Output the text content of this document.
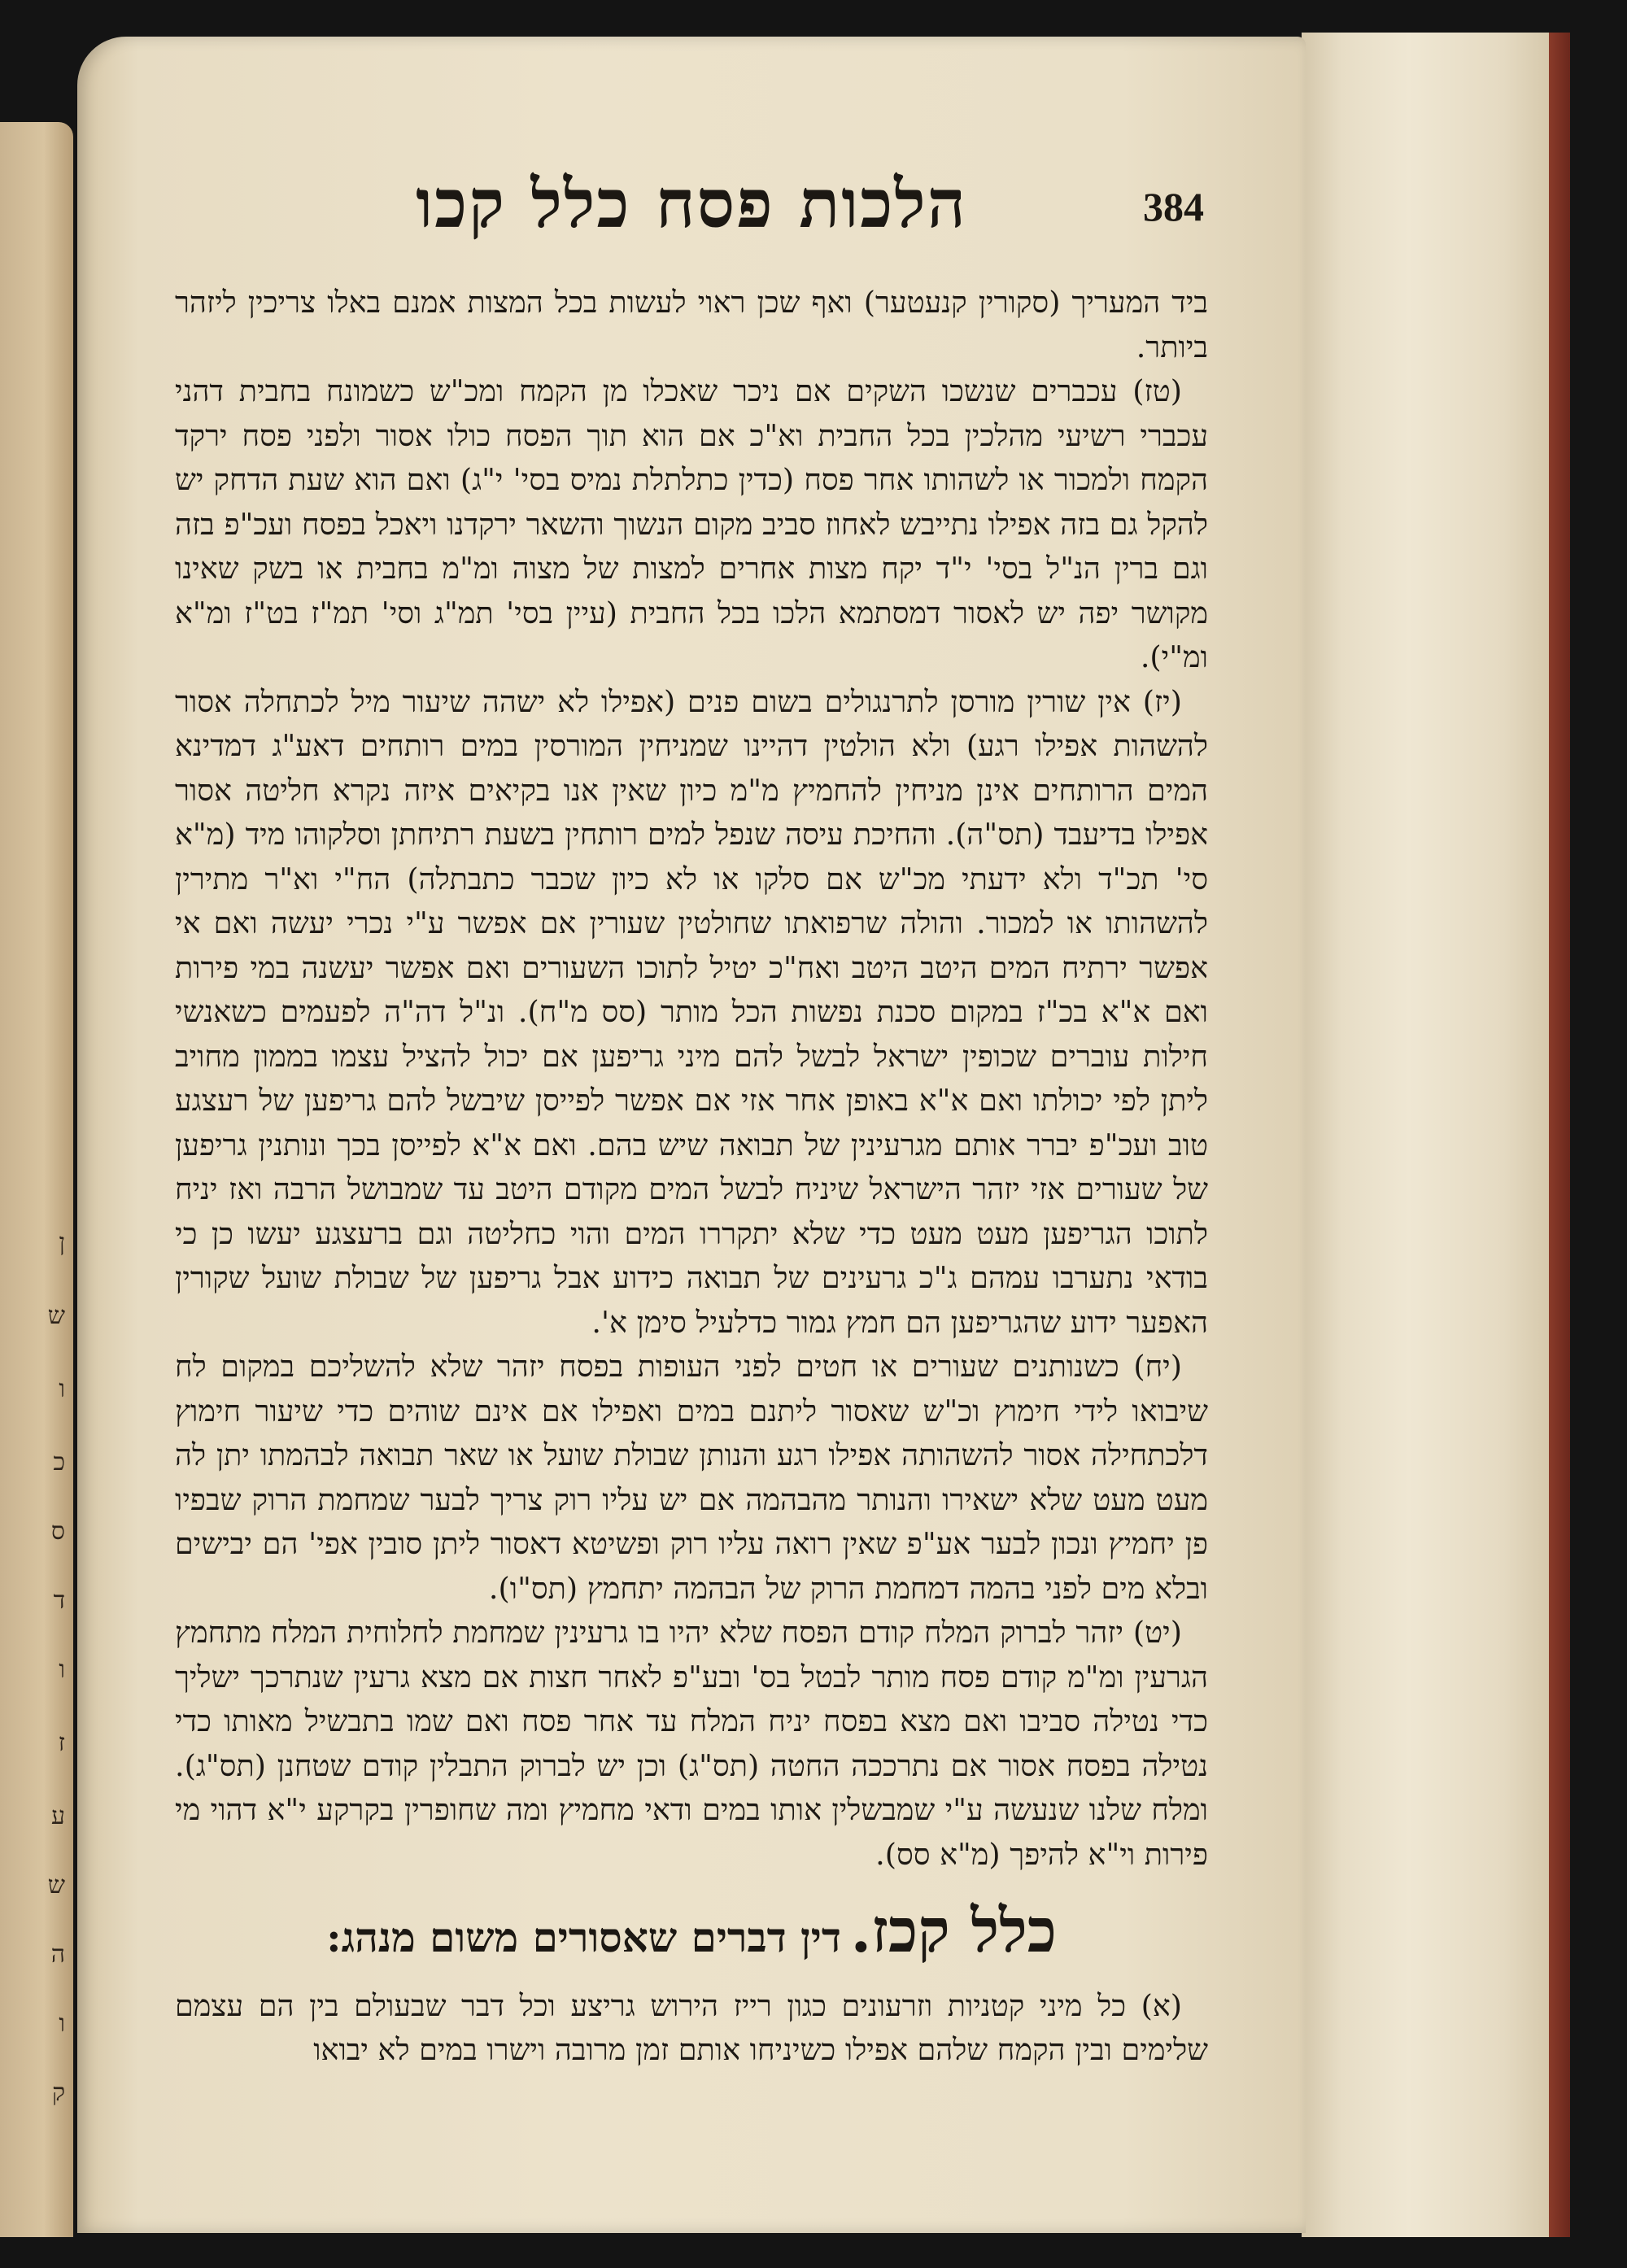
ן
ש
ו
כ
ס
ד
ו
ז
ע
ש
ה
ו
ק
384
הלכות פסח כלל קכו

ביד המעריך (סקורין קנעטער) ואף שכן ראוי לעשות בכל המצות אמנם באלו צריכין ליזהר ביותר.

(טז) עכברים שנשכו השקים אם ניכר שאכלו מן הקמח ומכ"ש כשמונח בחבית דהני עכברי רשיעי מהלכין בכל החבית וא"כ אם הוא תוך הפסח כולו אסור ולפני פסח ירקד הקמח ולמכור או לשהותו אחר פסח (כדין כתלתלת נמיס בסי' י"ג) ואם הוא שעת הדחק יש להקל גם בזה אפילו נתייבש לאחוז סביב מקום הנשוך והשאר ירקדנו ויאכל בפסח ועכ"פ בזה וגם ברין הנ"ל בסי' י"ד יקח מצות אחרים למצות של מצוה ומ"מ בחבית או בשק שאינו מקושר יפה יש לאסור דמסתמא הלכו בכל החבית (עיין בסי' תמ"ג וסי' תמ"ז בט"ז ומ"א ומ"י).

(יז) אין שורין מורסן לתרנגולים בשום פנים (אפילו לא ישהה שיעור מיל לכתחלה אסור להשהות אפילו רגע) ולא הולטין דהיינו שמניחין המורסין במים רותחים דאע"ג דמדינא המים הרותחים אינן מניחין להחמיץ מ"מ כיון שאין אנו בקיאים איזה נקרא חליטה אסור אפילו בדיעבד (תס"ה). והחיכת עיסה שנפל למים רותחין בשעת רתיחתן וסלקוהו מיד (מ"א סי' תכ"ד ולא ידעתי מכ"ש אם סלקו או לא כיון שכבר כתבתלה) הח"י וא"ר מתירין להשהותו או למכור. והולה שרפואתו שחולטין שעורין אם אפשר ע"י נכרי יעשה ואם אי אפשר ירתיח המים היטב היטב ואח"כ יטיל לתוכו השעורים ואם אפשר יעשנה במי פירות ואם א"א בכ"ז במקום סכנת נפשות הכל מותר (סס מ"ח). ונ"ל דה"ה לפעמים כשאנשי חילות עוברים שכופין ישראל לבשל להם מיני גריפען אם יכול להציל עצמו בממון מחויב ליתן לפי יכולתו ואם א"א באופן אחר אזי אם אפשר לפייסן שיבשל להם גריפען של רעצגע טוב ועכ"פ יברר אותם מגרעינין של תבואה שיש בהם. ואם א"א לפייסן בכך ונותנין גריפען של שעורים אזי יזהר הישראל שיניח לבשל המים מקודם היטב עד שמבושל הרבה ואז יניח לתוכו הגריפען מעט מעט כדי שלא יתקררו המים והוי כחליטה וגם ברעצגע יעשו כן כי בודאי נתערבו עמהם ג"כ גרעינים של תבואה כידוע אבל גריפען של שבולת שועל שקורין האפער ידוע שהגריפען הם חמץ גמור כדלעיל סימן א'.

(יח) כשנותנים שעורים או חטים לפני העופות בפסח יזהר שלא להשליכם במקום לח שיבואו לידי חימוץ וכ"ש שאסור ליתנם במים ואפילו אם אינם שוהים כדי שיעור חימוץ דלכתחילה אסור להשהותה אפילו רגע והנותן שבולת שועל או שאר תבואה לבהמתו יתן לה מעט מעט שלא ישאירו והנותר מהבהמה אם יש עליו רוק צריך לבער שמחמת הרוק שבפיו פן יחמיץ ונכון לבער אע"פ שאין רואה עליו רוק ופשיטא דאסור ליתן סובין אפי' הם יבישים ובלא מים לפני בהמה דמחמת הרוק של הבהמה יתחמץ (תס"ו).

(יט) יזהר לברוק המלח קודם הפסח שלא יהיו בו גרעינין שמחמת לחלוחית המלח מתחמץ הגרעין ומ"מ קודם פסח מותר לבטל בס' ובע"פ לאחר חצות אם מצא גרעין שנתרכך ישליך כדי נטילה סביבו ואם מצא בפסח יניח המלח עד אחר פסח ואם שמו בתבשיל מאותו כדי נטילה בפסח אסור אם נתרככה החטה (תס"ג) וכן יש לברוק התבלין קודם שטחנן (תס"ג). ומלח שלנו שנעשה ע"י שמבשלין אותו במים ודאי מחמיץ ומה שחופרין בקרקע י"א דהוי מי פירות וי"א להיפך (מ"א סס).

כלל קכז. דין דברים שאסורים משום מנהג:

(א) כל מיני קטניות וזרעונים כגון רייז הירוש גריצע וכל דבר שבעולם בין הם עצמם שלימים ובין הקמח שלהם אפילו כשיניחו אותם זמן מרובה וישרו במים לא יבואו
